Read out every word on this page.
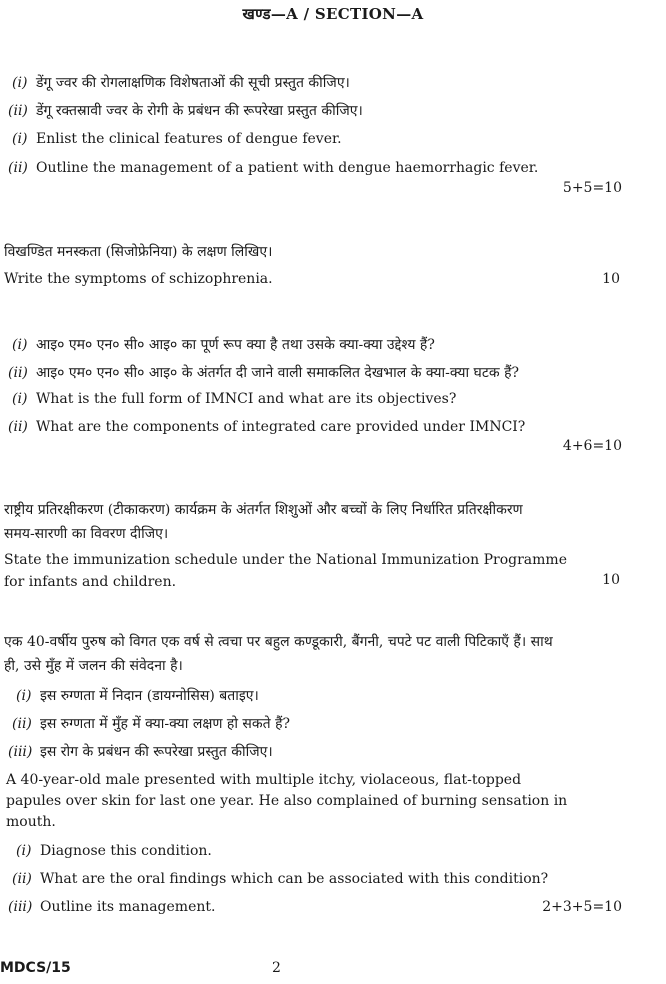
खण्ड—A / SECTION—A
(i) डेंगू ज्वर की रोगलाक्षणिक विशेषताओं की सूची प्रस्तुत कीजिए।
(ii) डेंगू रक्तस्रावी ज्वर के रोगी के प्रबंधन की रूपरेखा प्रस्तुत कीजिए।
(i) Enlist the clinical features of dengue fever.
(ii) Outline the management of a patient with dengue haemorrhagic fever.
5+5=10
विखण्डित मनस्कता (सिजोफ्रेनिया) के लक्षण लिखिए।
Write the symptoms of schizophrenia.	10
(i) आइ० एम० एन० सी० आइ० का पूर्ण रूप क्या है तथा उसके क्या-क्या उद्देश्य हैं?
(ii) आइ० एम० एन० सी० आइ० के अंतर्गत दी जाने वाली समाकलित देखभाल के क्या-क्या घटक हैं?
(i) What is the full form of IMNCI and what are its objectives?
(ii) What are the components of integrated care provided under IMNCI?
4+6=10
राष्ट्रीय प्रतिरक्षीकरण (टीकाकरण) कार्यक्रम के अंतर्गत शिशुओं और बच्चों के लिए निर्धारित प्रतिरक्षीकरण
समय-सारणी का विवरण दीजिए।
State the immunization schedule under the National Immunization Programme
for infants and children.	10
एक 40-वर्षीय पुरुष को विगत एक वर्ष से त्वचा पर बहुल कण्डूकारी, बैंगनी, चपटे पट वाली पिटिकाएँ हैं। साथ
ही, उसे मुँह में जलन की संवेदना है।
(i) इस रुग्णता में निदान (डायग्नोसिस) बताइए।
(ii) इस रुग्णता में मुँह में क्या-क्या लक्षण हो सकते हैं?
(iii) इस रोग के प्रबंधन की रूपरेखा प्रस्तुत कीजिए।
A 40-year-old male presented with multiple itchy, violaceous, flat-topped
papules over skin for last one year. He also complained of burning sensation in
mouth.
(i) Diagnose this condition.
(ii) What are the oral findings which can be associated with this condition?
(iii) Outline its management.	2+3+5=10
MDCS/15	2
